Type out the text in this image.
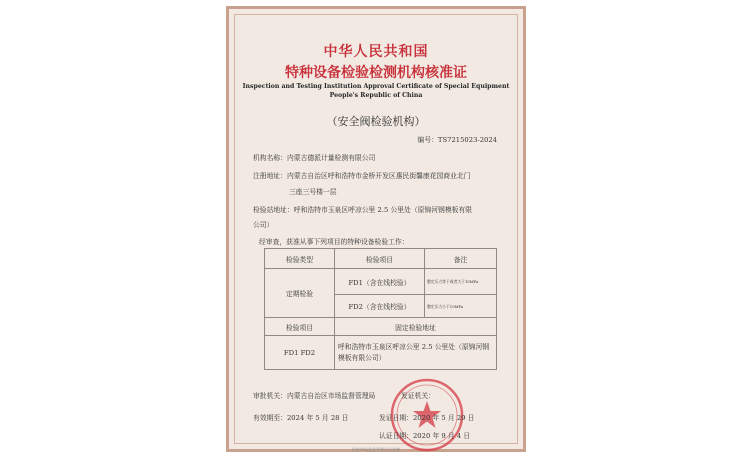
中华人民共和国
特种设备检验检测机构核准证
Inspection and Testing Institution Approval Certificate of Special Equipment
People's Republic of China
（安全阀检验机构）
编号：TS7215023-2024
机构名称：内蒙古德派计量检测有限公司
注册地址：内蒙古自治区呼和浩特市金桥开发区惠民街馨康花园商业北门
三座三号楼一层
检验站地址：呼和浩特市玉泉区呼凉公里 2.5 公里处（原锦河钢模板有限
公司）
经审查，获准从事下列项目的特种设备检验工作：
检验类型	检验项目	备注
定期检验	FD1（含在线校验）	整定压力等于或者大于10MPa
	FD2（含在线校验）	整定压力小于10MPa
检验项目	固定检验地址	
FD1 FD2	呼和浩特市玉泉区呼凉公里 2.5 公里处（原锦河钢模板有限公司）	
审批机关：内蒙古自治区市场监督管理局	发证机关：
有效期至：2024 年 5 月 28 日	发证日期：2020 年 5 月 29 日
认证日期：2020 年 9 月 4 日
国家市场监督管理总局监制
